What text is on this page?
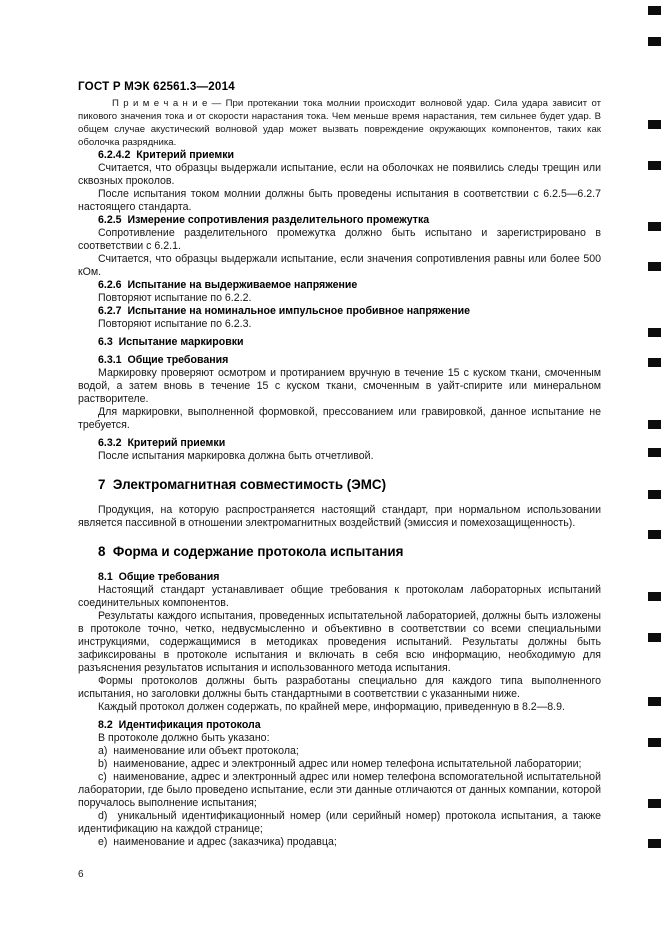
ГОСТ Р МЭК 62561.3—2014
П р и м е ч а н и е — При протекании тока молнии происходит волновой удар. Сила удара зависит от пикового значения тока и от скорости нарастания тока. Чем меньше время нарастания, тем сильнее будет удар. В общем случае акустический волновой удар может вызвать повреждение окружающих компонентов, таких как оболочка разрядника.
6.2.4.2  Критерий приемки
Считается, что образцы выдержали испытание, если на оболочках не появились следы трещин или сквозных проколов.
После испытания током молнии должны быть проведены испытания в соответствии с 6.2.5—6.2.7 настоящего стандарта.
6.2.5  Измерение сопротивления разделительного промежутка
Сопротивление разделительного промежутка должно быть испытано и зарегистрировано в соответствии с 6.2.1.
Считается, что образцы выдержали испытание, если значения сопротивления равны или более 500 кОм.
6.2.6  Испытание на выдерживаемое напряжение
Повторяют испытание по 6.2.2.
6.2.7  Испытание на номинальное импульсное пробивное напряжение
Повторяют испытание по 6.2.3.
6.3  Испытание маркировки
6.3.1  Общие требования
Маркировку проверяют осмотром и протиранием вручную в течение 15 с куском ткани, смоченным водой, а затем вновь в течение 15 с куском ткани, смоченным в уайт-спирите или минеральном растворителе.
Для маркировки, выполненной формовкой, прессованием или гравировкой, данное испытание не требуется.
6.3.2  Критерий приемки
После испытания маркировка должна быть отчетливой.
7  Электромагнитная совместимость (ЭМС)
Продукция, на которую распространяется настоящий стандарт, при нормальном использовании является пассивной в отношении электромагнитных воздействий (эмиссия и помехозащищенность).
8  Форма и содержание протокола испытания
8.1  Общие требования
Настоящий стандарт устанавливает общие требования к протоколам лабораторных испытаний соединительных компонентов.
Результаты каждого испытания, проведенных испытательной лабораторией, должны быть изложены в протоколе точно, четко, недвусмысленно и объективно в соответствии со всеми специальными инструкциями, содержащимися в методиках проведения испытаний. Результаты должны быть зафиксированы в протоколе испытания и включать в себя всю информацию, необходимую для разъяснения результатов испытания и использованного метода испытания.
Формы протоколов должны быть разработаны специально для каждого типа выполненного испытания, но заголовки должны быть стандартными в соответствии с указанными ниже.
Каждый протокол должен содержать, по крайней мере, информацию, приведенную в 8.2—8.9.
8.2  Идентификация протокола
В протоколе должно быть указано:
a)  наименование или объект протокола;
b)  наименование, адрес и электронный адрес или номер телефона испытательной лаборатории;
c)  наименование, адрес и электронный адрес или номер телефона вспомогательной испытательной лаборатории, где было проведено испытание, если эти данные отличаются от данных компании, которой поручалось выполнение испытания;
d)  уникальный идентификационный номер (или серийный номер) протокола испытания, а также идентификацию на каждой странице;
e)  наименование и адрес (заказчика) продавца;
6
